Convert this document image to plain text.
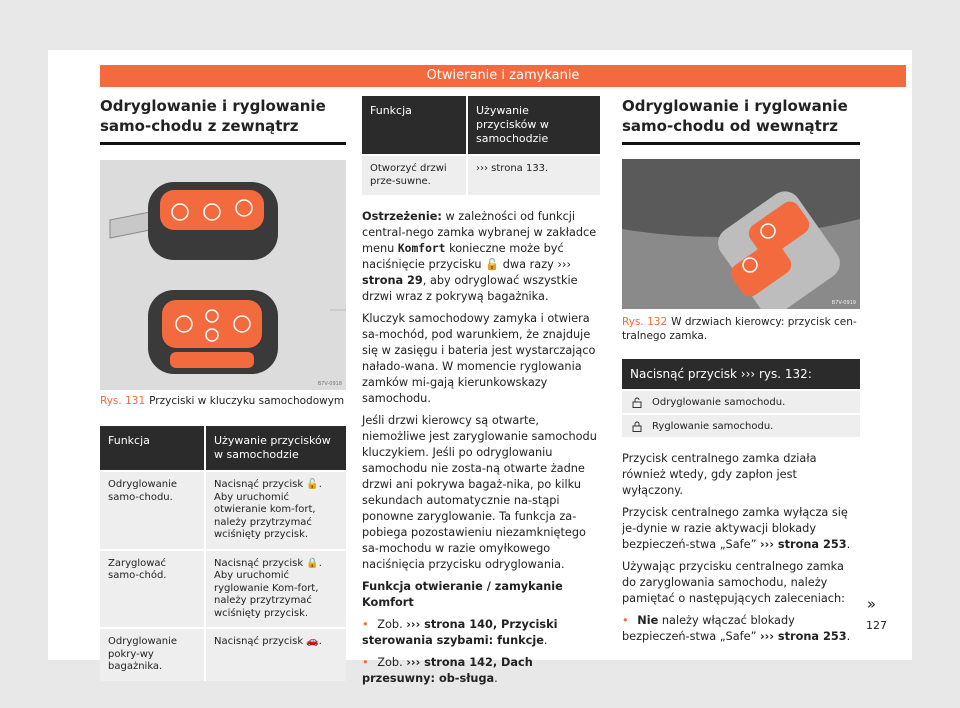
Otwieranie i zamykanie
Odryglowanie i ryglowanie samo-chodu z zewnątrz
B7V-0918
Rys. 131 Przyciski w kluczyku samochodowym
Funkcja	Używanie przycisków w samochodzie
Odryglowanie samo-chodu.	Nacisnąć przycisk 🔓. Aby uruchomić otwieranie kom-fort, należy przytrzymać wciśnięty przycisk.
Zaryglować samo-chód.	Nacisnąć przycisk 🔒. Aby uruchomić ryglowanie Kom-fort, należy przytrzymać wciśnięty przycisk.
Odryglowanie pokry-wy bagażnika.	Nacisnąć przycisk 🚗.
Funkcja	Używanie przycisków w samochodzie
Otworzyć drzwi prze-suwne.	››› strona 133.

Ostrzeżenie: w zależności od funkcji central-nego zamka wybranej w zakładce menu Komfort konieczne może być naciśnięcie przycisku 🔓 dwa razy ››› strona 29, aby odryglować wszystkie drzwi wraz z pokrywą bagażnika.

Kluczyk samochodowy zamyka i otwiera sa-mochód, pod warunkiem, że znajduje się w zasięgu i bateria jest wystarczająco nałado-wana. W momencie ryglowania zamków mi-gają kierunkowskazy samochodu.

Jeśli drzwi kierowcy są otwarte, niemożliwe jest zaryglowanie samochodu kluczykiem. Jeśli po odryglowaniu samochodu nie zosta-ną otwarte żadne drzwi ani pokrywa bagaż-nika, po kilku sekundach automatycznie na-stąpi ponowne zaryglowanie. Ta funkcja za-pobiega pozostawieniu niezamkniętego sa-mochodu w razie omyłkowego naciśnięcia przycisku odryglowania.

Funkcja otwieranie / zamykanie Komfort

• Zob. ››› strona 140, Przyciski sterowania szybami: funkcje.

• Zob. ››› strona 142, Dach przesuwny: ob-sługa.

Odryglowanie i ryglowanie samo-chodu od wewnątrz
B7V-0919
Rys. 132 W drzwiach kierowcy: przycisk cen-tralnego zamka.
Nacisnąć przycisk ››› rys. 132:
Odryglowanie samochodu.
Ryglowanie samochodu.

Przycisk centralnego zamka działa również wtedy, gdy zapłon jest wyłączony.

Przycisk centralnego zamka wyłącza się je-dynie w razie aktywacji blokady bezpieczeń-stwa „Safe” ››› strona 253.

Używając przycisku centralnego zamka do zaryglowania samochodu, należy pamiętać o następujących zaleceniach:

• Nie należy włączać blokady bezpieczeń-stwa „Safe” ››› strona 253.

»
127
